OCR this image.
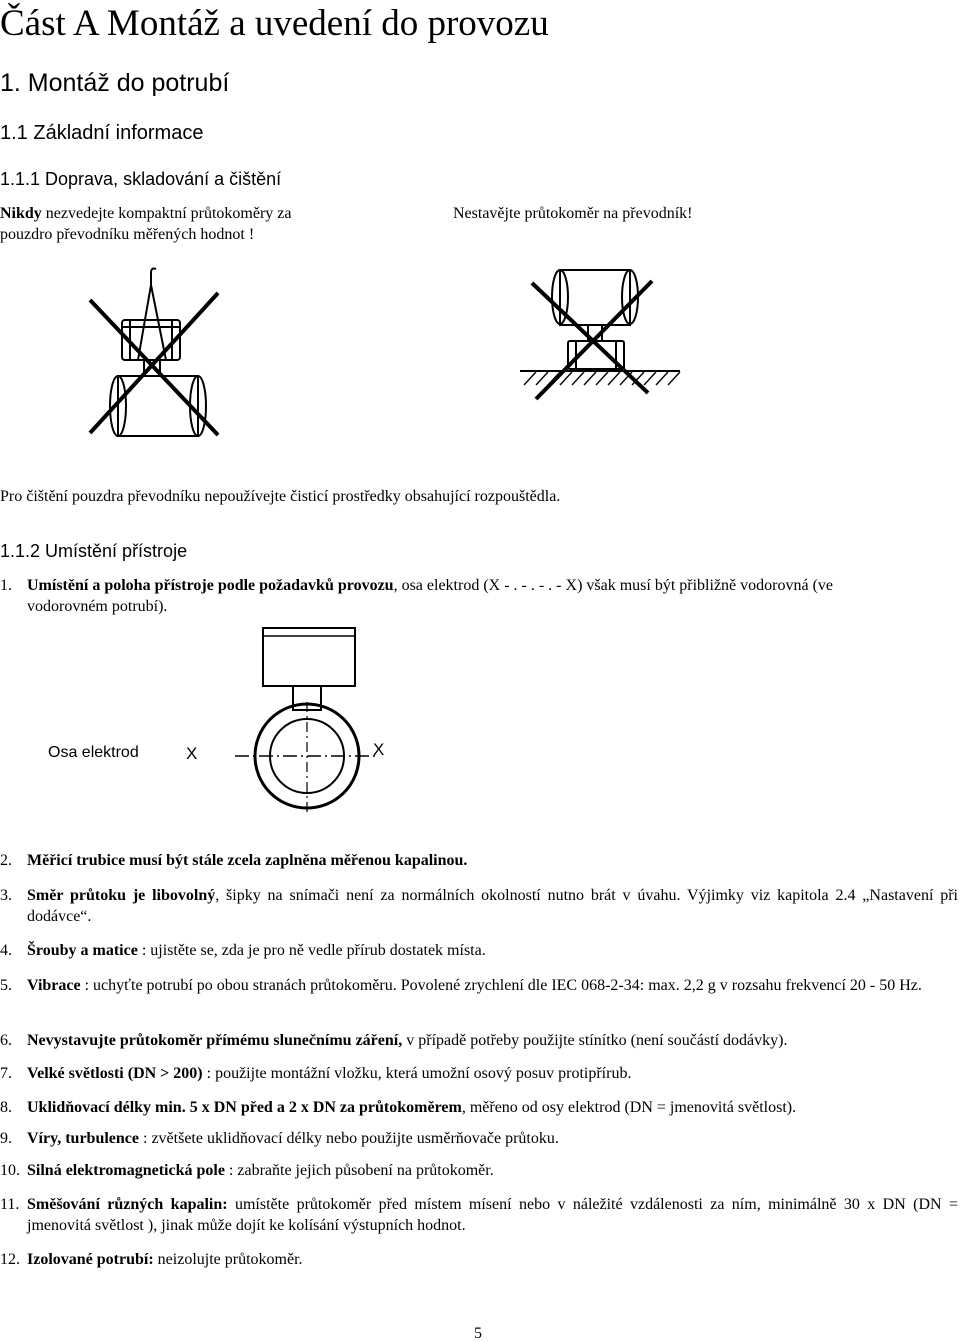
Část A Montáž a uvedení do provozu
1. Montáž do potrubí
1.1 Základní informace
1.1.1 Doprava, skladování a čištění
Nikdy nezvedejte kompaktní průtokoměry za
pouzdro převodníku měřených hodnot !
Nestavějte průtokoměr na převodník!
Pro čištění pouzdra převodníku nepoužívejte čisticí prostředky obsahující rozpouštědla.
1.1.2 Umístění přístroje
1. Umístění a poloha přístroje podle požadavků provozu, osa elektrod (X - . - . - . - X) však musí být přibližně vodorovná (ve
vodorovném potrubí).
Osa elektrod	X	X
2. Měřicí trubice musí být stále zcela zaplněna měřenou kapalinou.
3. Směr průtoku je libovolný, šipky na snímači není za normálních okolností nutno brát v úvahu. Výjimky viz kapitola 2.4 „Nastavení při dodávce“.
4. Šrouby a matice : ujistěte se, zda je pro ně vedle přírub dostatek místa.
5. Vibrace : uchyťte potrubí po obou stranách průtokoměru. Povolené zrychlení dle IEC 068-2-34: max. 2,2 g v rozsahu frekvencí 20 - 50 Hz.
6. Nevystavujte průtokoměr přímému slunečnímu záření, v případě potřeby použijte stínítko (není součástí dodávky).
7. Velké světlosti (DN > 200) : použijte montážní vložku, která umožní osový posuv protipřírub.
8. Uklidňovací délky min. 5 x DN před a 2 x DN za průtokoměrem, měřeno od osy elektrod (DN = jmenovitá světlost).
9. Víry, turbulence : zvětšete uklidňovací délky nebo použijte usměrňovače průtoku.
10. Silná elektromagnetická pole : zabraňte jejich působení na průtokoměr.
11. Směšování různých kapalin: umístěte průtokoměr před místem mísení nebo v náležité vzdálenosti za ním, minimálně 30 x DN (DN = jmenovitá světlost ), jinak může dojít ke kolísání výstupních hodnot.
12. Izolované potrubí: neizolujte průtokoměr.
5
